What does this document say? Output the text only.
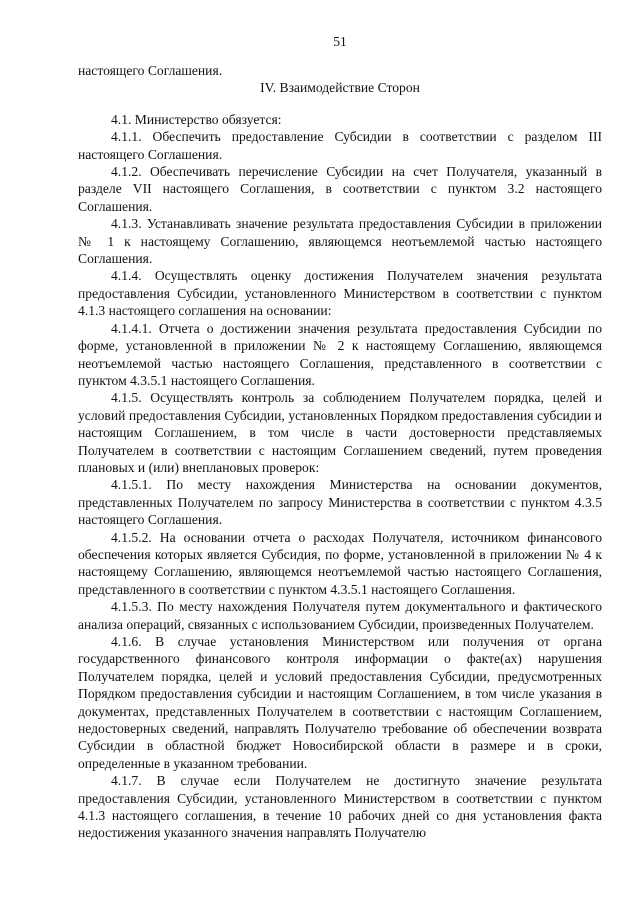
51

настоящего Соглашения.

IV. Взаимодействие Сторон

4.1. Министерство обязуется:

4.1.1. Обеспечить предоставление Субсидии в соответствии с разделом III настоящего Соглашения.

4.1.2. Обеспечивать перечисление Субсидии на счет Получателя, указанный в разделе VII настоящего Соглашения, в соответствии с пунктом 3.2 настоящего Соглашения.

4.1.3. Устанавливать значение результата предоставления Субсидии в приложении № 1 к настоящему Соглашению, являющемся неотъемлемой частью настоящего Соглашения.

4.1.4. Осуществлять оценку достижения Получателем значения результата предоставления Субсидии, установленного Министерством в соответствии с пунктом 4.1.3 настоящего соглашения на основании:

4.1.4.1. Отчета о достижении значения результата предоставления Субсидии по форме, установленной в приложении № 2 к настоящему Соглашению, являющемся неотъемлемой частью настоящего Соглашения, представленного в соответствии с пунктом 4.3.5.1 настоящего Соглашения.

4.1.5. Осуществлять контроль за соблюдением Получателем порядка, целей и условий предоставления Субсидии, установленных Порядком предоставления субсидии и настоящим Соглашением, в том числе в части достоверности представляемых Получателем в соответствии с настоящим Соглашением сведений, путем проведения плановых и (или) внеплановых проверок:

4.1.5.1. По месту нахождения Министерства на основании документов, представленных Получателем по запросу Министерства в соответствии с пунктом 4.3.5 настоящего Соглашения.

4.1.5.2. На основании отчета о расходах Получателя, источником финансового обеспечения которых является Субсидия, по форме, установленной в приложении № 4 к настоящему Соглашению, являющемся неотъемлемой частью настоящего Соглашения, представленного в соответствии с пунктом 4.3.5.1 настоящего Соглашения.

4.1.5.3. По месту нахождения Получателя путем документального и фактического анализа операций, связанных с использованием Субсидии, произведенных Получателем.

4.1.6. В случае установления Министерством или получения от органа государственного финансового контроля информации о факте(ах) нарушения Получателем порядка, целей и условий предоставления Субсидии, предусмотренных Порядком предоставления субсидии и настоящим Соглашением, в том числе указания в документах, представленных Получателем в соответствии с настоящим Соглашением, недостоверных сведений, направлять Получателю требование об обеспечении возврата Субсидии в областной бюджет Новосибирской области в размере и в сроки, определенные в указанном требовании.

4.1.7. В случае если Получателем не достигнуто значение результата предоставления Субсидии, установленного Министерством в соответствии с пунктом 4.1.3 настоящего соглашения, в течение 10 рабочих дней со дня установления факта недостижения указанного значения направлять Получателю
